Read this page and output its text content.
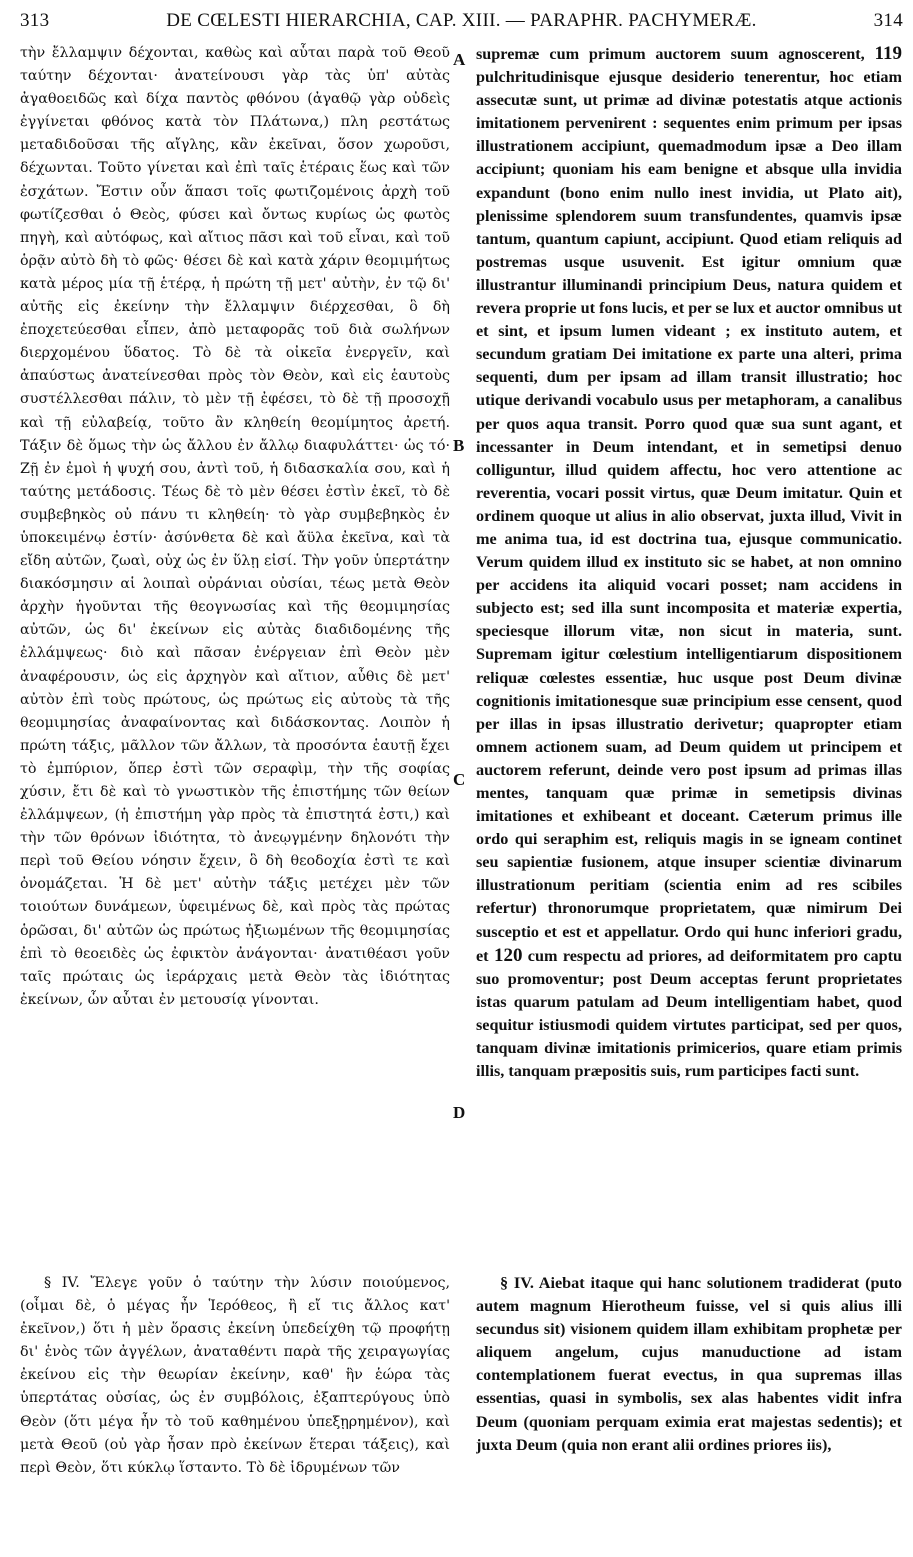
313	DE CŒLESTI HIERARCHIA, CAP. XIII. — PARAPHR. PACHYMERÆ.	314

τὴν ἔλλαμψιν δέχονται, καθὼς καὶ αὗται παρὰ τοῦ Θεοῦ ταύτην δέχονται· ἀνατείνουσι γὰρ τὰς ὑπ' αὐτὰς ἀγαθοειδῶς καὶ δίχα παντὸς φθόνου (ἀγαθῷ γὰρ οὐδεὶς ἐγγίνεται φθόνος κατὰ τὸν Πλάτωνα,) πλη ρεστάτως μεταδιδοῦσαι τῆς αἴγλης, κἂν ἐκεῖναι, ὅσον χωροῦσι, δέχωνται. Τοῦτο γίνεται καὶ ἐπὶ ταῖς ἑτέραις ἕως καὶ τῶν ἐσχάτων. Ἔστιν οὖν ἅπασι τοῖς φωτιζομένοις ἀρχὴ τοῦ φωτίζεσθαι ὁ Θεὸς, φύσει καὶ ὄντως κυρίως ὡς φωτὸς πηγὴ, καὶ αὐτόφως, καὶ αἴτιος πᾶσι καὶ τοῦ εἶναι, καὶ τοῦ ὁρᾷν αὐτὸ δὴ τὸ φῶς· θέσει δὲ καὶ κατὰ χάριν θεομιμήτως κατὰ μέρος μία τῇ ἑτέρᾳ, ἡ πρώτη τῇ μετ' αὐτὴν, ἐν τῷ δι' αὐτῆς εἰς ἐκείνην τὴν ἔλλαμψιν διέρχεσθαι, ὃ δὴ ἐποχετεύεσθαι εἶπεν, ἀπὸ μεταφορᾶς τοῦ διὰ σωλήνων διερχομένου ὕδατος. Τὸ δὲ τὰ οἰκεῖα ἐνεργεῖν, καὶ ἀπαύστως ἀνατείνεσθαι πρὸς τὸν Θεὸν, καὶ εἰς ἑαυτοὺς συστέλλεσθαι πάλιν, τὸ μὲν τῇ ἐφέσει, τὸ δὲ τῇ προσοχῇ καὶ τῇ εὐλαβείᾳ, τοῦτο ἂν κληθείη θεομίμητος ἀρετή. Τάξιν δὲ ὅμως τὴν ὡς ἄλλου ἐν ἄλλῳ διαφυλάττει· ὡς τό· Ζῇ ἐν ἐμοὶ ἡ ψυχή σου, ἀντὶ τοῦ, ἡ διδασκαλία σου, καὶ ἡ ταύτης μετάδοσις. Τέως δὲ τὸ μὲν θέσει ἐστὶν ἐκεῖ, τὸ δὲ συμβεβηκὸς οὐ πάνυ τι κληθείη· τὸ γὰρ συμβεβηκὸς ἐν ὑποκειμένῳ ἐστίν· ἀσύνθετα δὲ καὶ ἄϋλα ἐκεῖνα, καὶ τὰ εἴδη αὐτῶν, ζωαὶ, οὐχ ὡς ἐν ὕλῃ εἰσί. Τὴν γοῦν ὑπερτάτην διακόσμησιν αἱ λοιπαὶ οὐράνιαι οὐσίαι, τέως μετὰ Θεὸν ἀρχὴν ἡγοῦνται τῆς θεογνωσίας καὶ τῆς θεομιμησίας αὐτῶν, ὡς δι' ἐκείνων εἰς αὐτὰς διαδιδομένης τῆς ἐλλάμψεως· διὸ καὶ πᾶσαν ἐνέργειαν ἐπὶ Θεὸν μὲν ἀναφέρουσιν, ὡς εἰς ἀρχηγὸν καὶ αἴτιον, αὖθις δὲ μετ' αὐτὸν ἐπὶ τοὺς πρώτους, ὡς πρώτως εἰς αὐτοὺς τὰ τῆς θεομιμησίας ἀναφαίνοντας καὶ διδάσκοντας. Λοιπὸν ἡ πρώτη τάξις, μᾶλλον τῶν ἄλλων, τὰ προσόντα ἑαυτῇ ἔχει τὸ ἐμπύριον, ὅπερ ἐστὶ τῶν σεραφὶμ, τὴν τῆς σοφίας χύσιν, ἔτι δὲ καὶ τὸ γνωστικὸν τῆς ἐπιστήμης τῶν θείων ἐλλάμψεων, (ἡ ἐπιστήμη γὰρ πρὸς τὰ ἐπιστητά ἐστι,) καὶ τὴν τῶν θρόνων ἰδιότητα, τὸ ἀνεῳγμένην δηλονότι τὴν περὶ τοῦ Θείου νόησιν ἔχειν, ὃ δὴ θεοδοχία ἐστὶ τε καὶ ὀνομάζεται. Ἡ δὲ μετ' αὐτὴν τάξις μετέχει μὲν τῶν τοιούτων δυνάμεων, ὑφειμένως δὲ, καὶ πρὸς τὰς πρώτας ὁρῶσαι, δι' αὐτῶν ὡς πρώτως ἠξιωμένων τῆς θεομιμησίας ἐπὶ τὸ θεοειδὲς ὡς ἐφικτὸν ἀνάγονται· ἀνατιθέασι γοῦν ταῖς πρώταις ὡς ἱεράρχαις μετὰ Θεὸν τὰς ἰδιότητας ἐκείνων, ὧν αὗται ἐν μετουσίᾳ γίνονται.

A
B
C
D

supremæ cum primum auctorem suum agnoscerent, 119 pulchritudinisque ejusque desiderio tenerentur, hoc etiam assecutæ sunt, ut primæ ad divinæ potestatis atque actionis imitationem pervenirent : sequentes enim primum per ipsas illustrationem accipiunt, quemadmodum ipsæ a Deo illam accipiunt; quoniam his eam benigne et absque ulla invidia expandunt (bono enim nullo inest invidia, ut Plato ait), plenissime splendorem suum transfundentes, quamvis ipsæ tantum, quantum capiunt, accipiunt. Quod etiam reliquis ad postremas usque usuvenit. Est igitur omnium quæ illustrantur illuminandi principium Deus, natura quidem et revera proprie ut fons lucis, et per se lux et auctor omnibus ut et sint, et ipsum lumen videant ; ex instituto autem, et secundum gratiam Dei imitatione ex parte una alteri, prima sequenti, dum per ipsam ad illam transit illustratio; hoc utique derivandi vocabulo usus per metaphoram, a canalibus per quos aqua transit. Porro quod quæ sua sunt agant, et incessanter in Deum intendant, et in semetipsi denuo colliguntur, illud quidem affectu, hoc vero attentione ac reverentia, vocari possit virtus, quæ Deum imitatur. Quin et ordinem quoque ut alius in alio observat, juxta illud, Vivit in me anima tua, id est doctrina tua, ejusque communicatio. Verum quidem illud ex instituto sic se habet, at non omnino per accidens ita aliquid vocari posset; nam accidens in subjecto est; sed illa sunt incomposita et materiæ expertia, speciesque illorum vitæ, non sicut in materia, sunt. Supremam igitur cœlestium intelligentiarum dispositionem reliquæ cœlestes essentiæ, huc usque post Deum divinæ cognitionis imitationesque suæ principium esse censent, quod per illas in ipsas illustratio derivetur; quapropter etiam omnem actionem suam, ad Deum quidem ut principem et auctorem referunt, deinde vero post ipsum ad primas illas mentes, tanquam quæ primæ in semetipsis divinas imitationes et exhibeant et doceant. Cæterum primus ille ordo qui seraphim est, reliquis magis in se igneam continet seu sapientiæ fusionem, atque insuper scientiæ divinarum illustrationum peritiam (scientia enim ad res scibiles refertur) thronorumque proprietatem, quæ nimirum Dei susceptio et est et appellatur. Ordo qui hunc inferiori gradu, et 120 cum respectu ad priores, ad deiformitatem pro captu suo promoventur; post Deum acceptas ferunt proprietates istas quarum patulam ad Deum intelligentiam habet, quod sequitur istiusmodi quidem virtutes participat, sed per quos, tanquam divinæ imitationis primicerios, quare etiam primis illis, tanquam præpositis suis, rum participes facti sunt.

§ IV. Ἔλεγε γοῦν ὁ ταύτην τὴν λύσιν ποιούμενος, (οἶμαι δὲ, ὁ μέγας ἦν Ἱερόθεος, ἢ εἴ τις ἄλλος κατ' ἐκεῖνον,) ὅτι ἡ μὲν ὅρασις ἐκείνη ὑπεδείχθη τῷ προφήτῃ δι' ἑνὸς τῶν ἀγγέλων, ἀναταθέντι παρὰ τῆς χειραγωγίας ἐκείνου εἰς τὴν θεωρίαν ἐκείνην, καθ' ἣν ἑώρα τὰς ὑπερτάτας οὐσίας, ὡς ἐν συμβόλοις, ἑξαπτερύγους ὑπὸ Θεὸν (ὅτι μέγα ἦν τὸ τοῦ καθημένου ὑπεξῃρημένον), καὶ μετὰ Θεοῦ (οὐ γὰρ ἦσαν πρὸ ἐκείνων ἕτεραι τάξεις), καὶ περὶ Θεὸν, ὅτι κύκλῳ ἵσταντο. Τὸ δὲ ἱδρυμένων τῶν

§ IV. Aiebat itaque qui hanc solutionem tradiderat (puto autem magnum Hierotheum fuisse, vel si quis alius illi secundus sit) visionem quidem illam exhibitam prophetæ per aliquem angelum, cujus manuductione ad istam contemplationem fuerat evectus, in qua supremas illas essentias, quasi in symbolis, sex alas habentes vidit infra Deum (quoniam perquam eximia erat majestas sedentis); et juxta Deum (quia non erant alii ordines priores iis),
